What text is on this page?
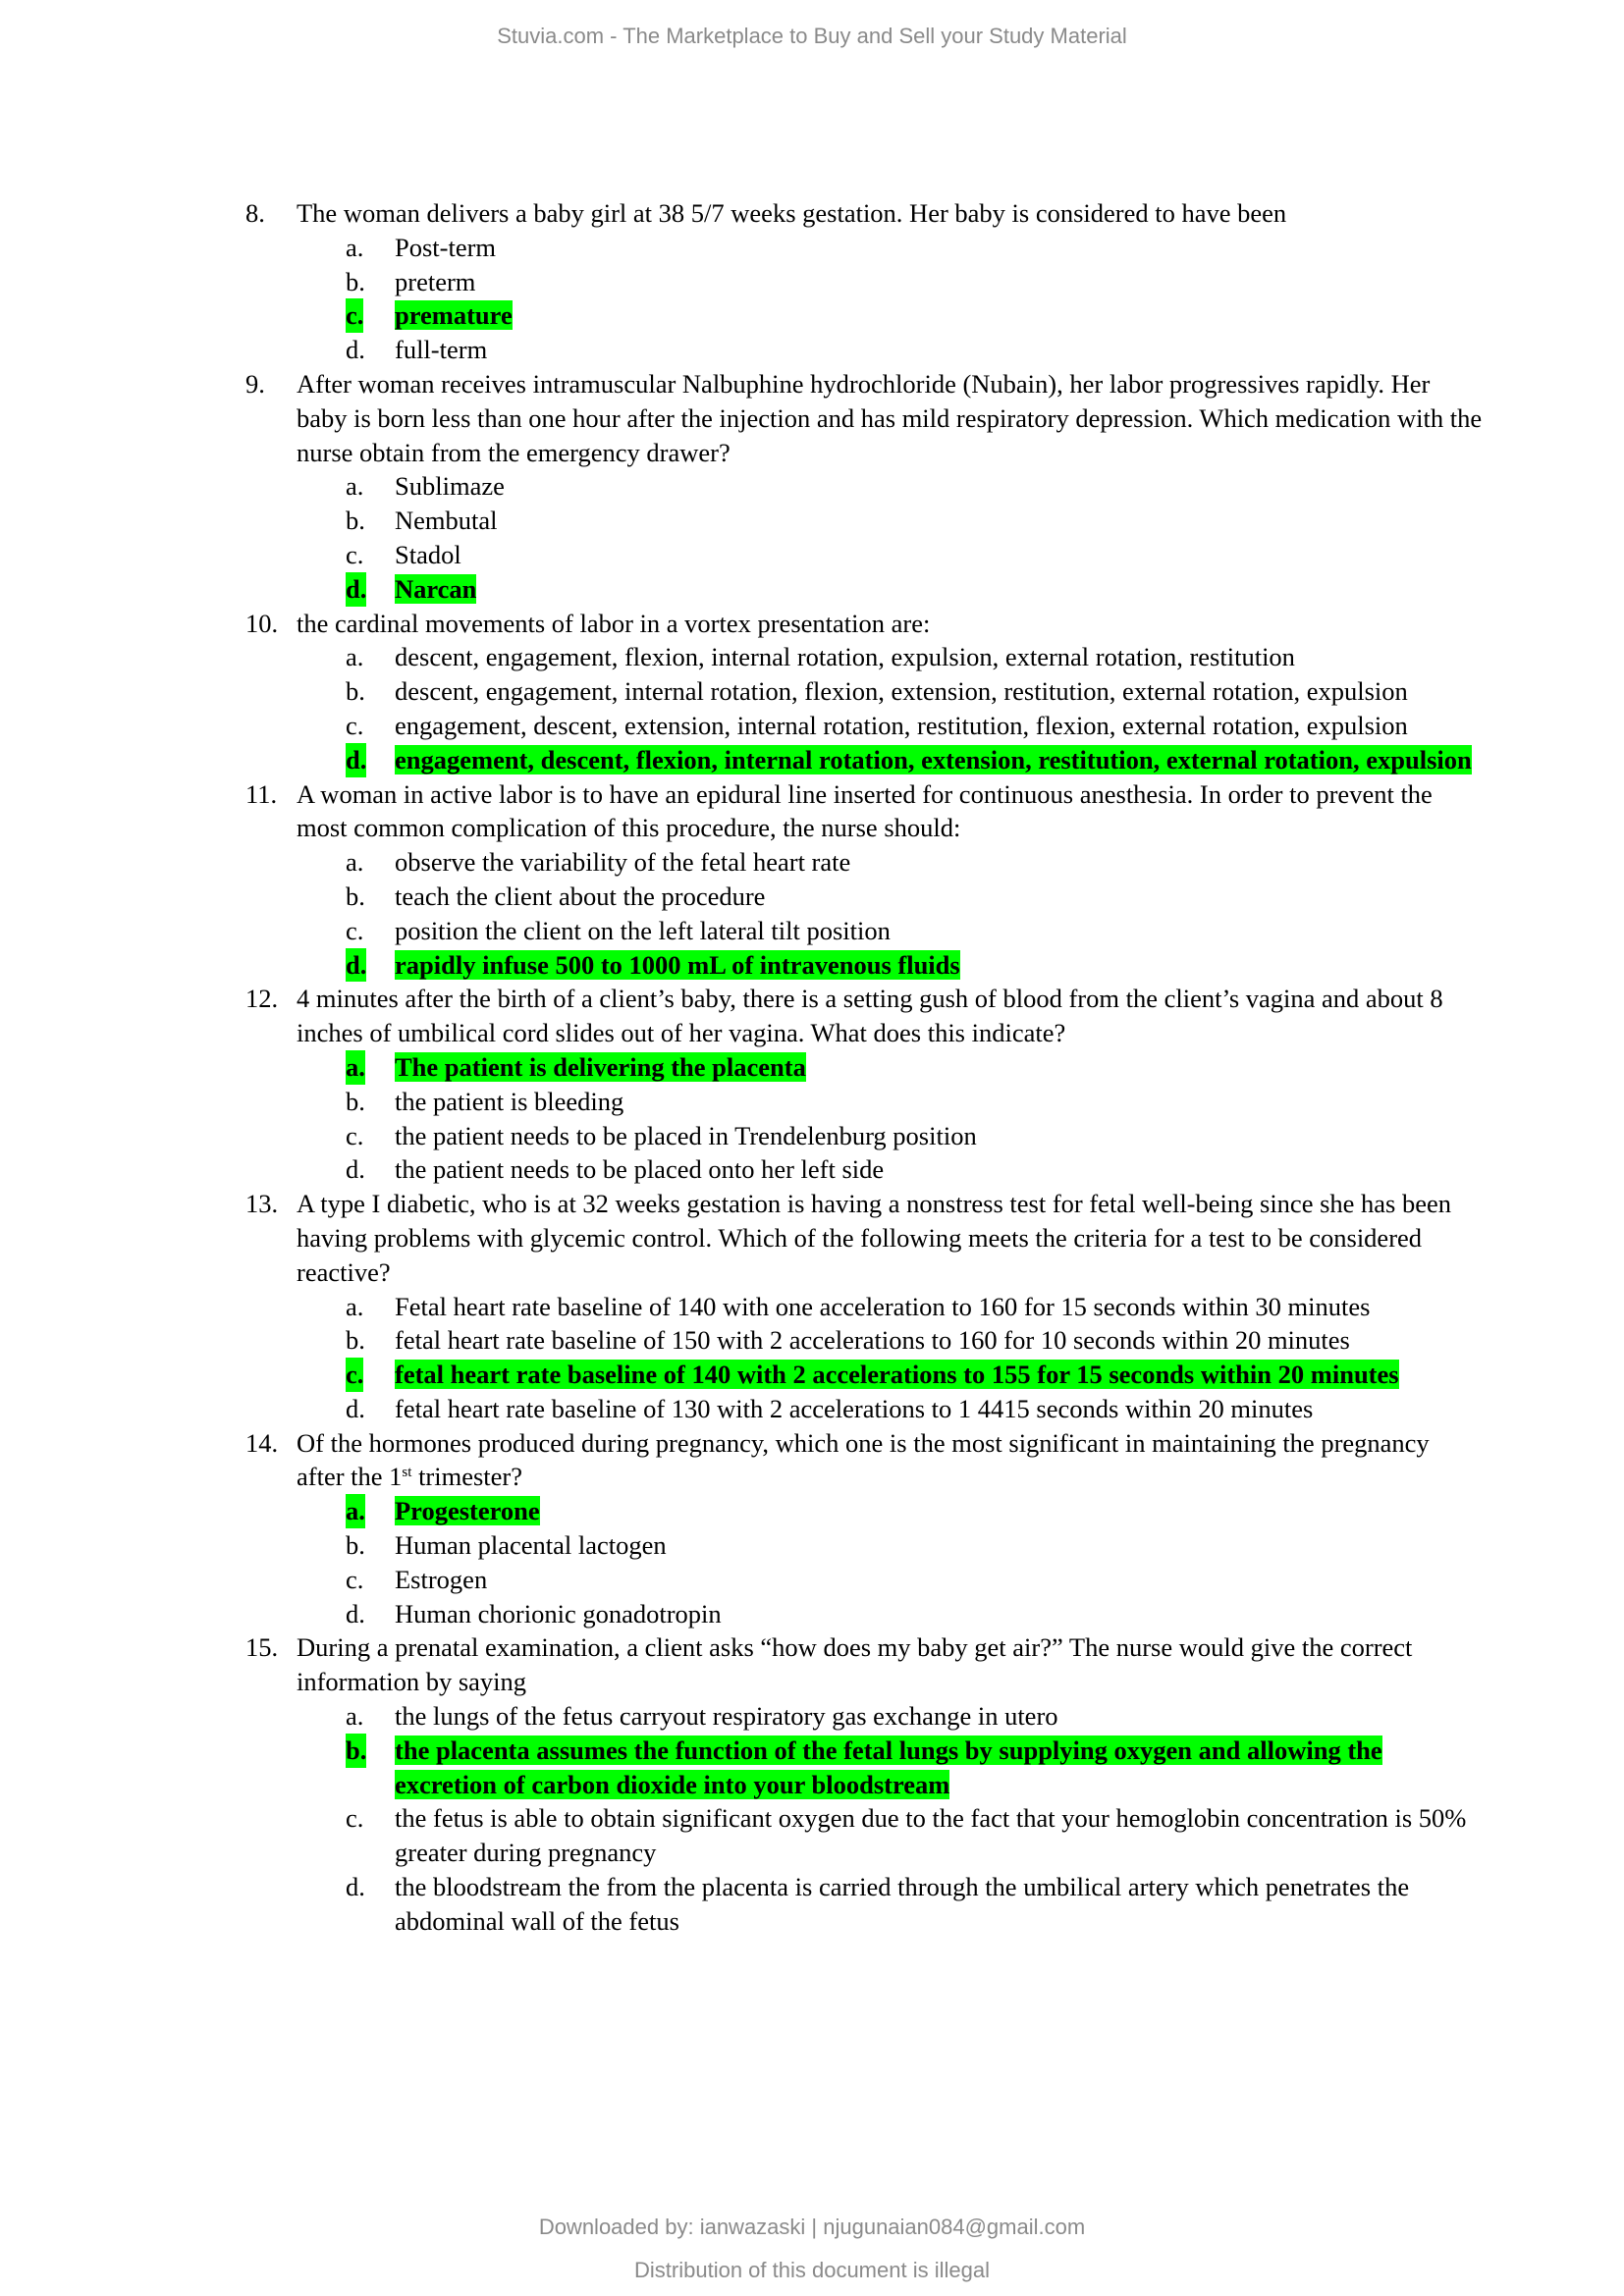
Stuvia.com - The Marketplace to Buy and Sell your Study Material
8. The woman delivers a baby girl at 38 5/7 weeks gestation. Her baby is considered to have been
a. Post-term
b. preterm
c. premature
d. full-term
9. After woman receives intramuscular Nalbuphine hydrochloride (Nubain), her labor progressives rapidly. Her baby is born less than one hour after the injection and has mild respiratory depression. Which medication with the nurse obtain from the emergency drawer?
a. Sublimaze
b. Nembutal
c. Stadol
d. Narcan
10. the cardinal movements of labor in a vortex presentation are:
a. descent, engagement, flexion, internal rotation, expulsion, external rotation, restitution
b. descent, engagement, internal rotation, flexion, extension, restitution, external rotation, expulsion
c. engagement, descent, extension, internal rotation, restitution, flexion, external rotation, expulsion
d. engagement, descent, flexion, internal rotation, extension, restitution, external rotation, expulsion
11. A woman in active labor is to have an epidural line inserted for continuous anesthesia. In order to prevent the most common complication of this procedure, the nurse should:
a. observe the variability of the fetal heart rate
b. teach the client about the procedure
c. position the client on the left lateral tilt position
d. rapidly infuse 500 to 1000 mL of intravenous fluids
12. 4 minutes after the birth of a client’s baby, there is a setting gush of blood from the client’s vagina and about 8 inches of umbilical cord slides out of her vagina. What does this indicate?
a. The patient is delivering the placenta
b. the patient is bleeding
c. the patient needs to be placed in Trendelenburg position
d. the patient needs to be placed onto her left side
13. A type I diabetic, who is at 32 weeks gestation is having a nonstress test for fetal well-being since she has been having problems with glycemic control. Which of the following meets the criteria for a test to be considered reactive?
a. Fetal heart rate baseline of 140 with one acceleration to 160 for 15 seconds within 30 minutes
b. fetal heart rate baseline of 150 with 2 accelerations to 160 for 10 seconds within 20 minutes
c. fetal heart rate baseline of 140 with 2 accelerations to 155 for 15 seconds within 20 minutes
d. fetal heart rate baseline of 130 with 2 accelerations to 1 4415 seconds within 20 minutes
14. Of the hormones produced during pregnancy, which one is the most significant in maintaining the pregnancy after the 1st trimester?
a. Progesterone
b. Human placental lactogen
c. Estrogen
d. Human chorionic gonadotropin
15. During a prenatal examination, a client asks “how does my baby get air?” The nurse would give the correct information by saying
a. the lungs of the fetus carryout respiratory gas exchange in utero
b. the placenta assumes the function of the fetal lungs by supplying oxygen and allowing the excretion of carbon dioxide into your bloodstream
c. the fetus is able to obtain significant oxygen due to the fact that your hemoglobin concentration is 50% greater during pregnancy
d. the bloodstream the from the placenta is carried through the umbilical artery which penetrates the abdominal wall of the fetus
Downloaded by: ianwazaski | njugunaian084@gmail.com
Distribution of this document is illegal
